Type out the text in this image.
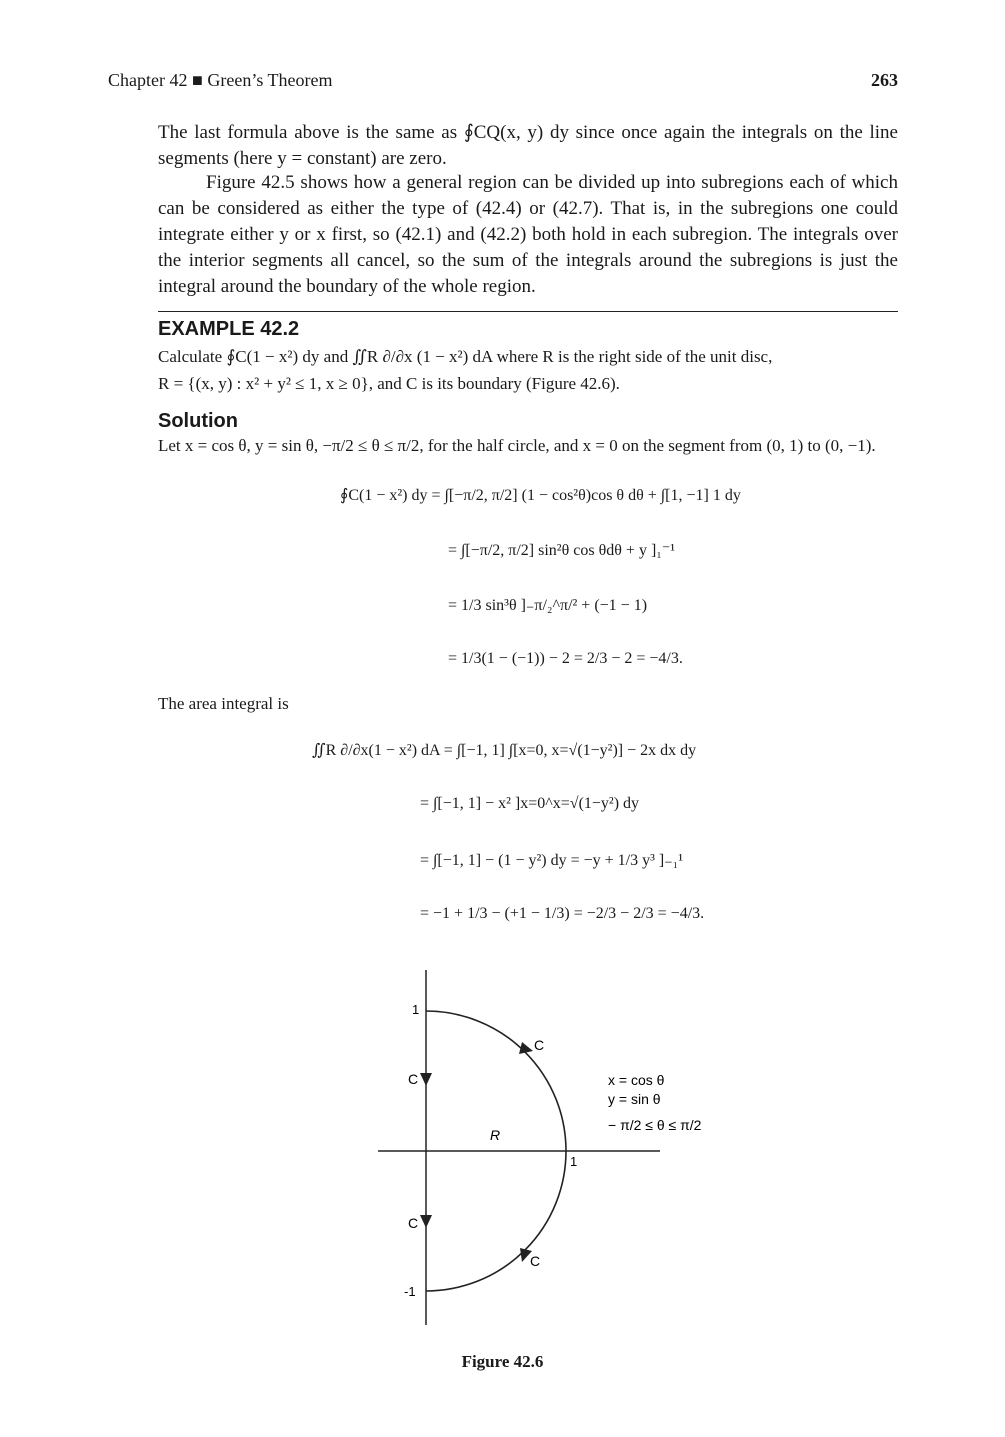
Chapter 42 ■ Green’s Theorem	263
The last formula above is the same as ∮CQ(x, y) dy since once again the integrals on the line segments (here y = constant) are zero.
Figure 42.5 shows how a general region can be divided up into subregions each of which can be considered as either the type of (42.4) or (42.7). That is, in the subregions one could integrate either y or x first, so (42.1) and (42.2) both hold in each subregion. The integrals over the interior segments all cancel, so the sum of the integrals around the subregions is just the integral around the boundary of the whole region.
EXAMPLE 42.2
Calculate ∮C(1 − x²) dy and ∬R ∂/∂x (1 − x²) dA where R is the right side of the unit disc,
R = {(x, y) : x² + y² ≤ 1, x ≥ 0}, and C is its boundary (Figure 42.6).
Solution
Let x = cos θ, y = sin θ, −π/2 ≤ θ ≤ π/2, for the half circle, and x = 0 on the segment from (0, 1) to (0, −1).
∮C(1 − x²) dy = ∫[−π/2, π/2] (1 − cos²θ)cos θ dθ + ∫[1, −1] 1 dy
= ∫[−π/2, π/2] sin²θ cos θdθ + y ]₁⁻¹
= 1/3 sin³θ ]₋π/₂^π/² + (−1 − 1)
= 1/3(1 − (−1)) − 2 = 2/3 − 2 = −4/3.
The area integral is
∬R ∂/∂x(1 − x²) dA = ∫[−1, 1] ∫[x=0, x=√(1−y²)] − 2x dx dy
= ∫[−1, 1] − x² ]x=0^x=√(1−y²) dy
= ∫[−1, 1] − (1 − y²) dy = −y + 1/3 y³ ]₋₁¹
= −1 + 1/3 − (+1 − 1/3) = −2/3 − 2/3 = −4/3.
1
-1
1
C
C
C
C
R
x = cos θ
y = sin θ
− π/2 ≤ θ ≤ π/2
Figure 42.6
